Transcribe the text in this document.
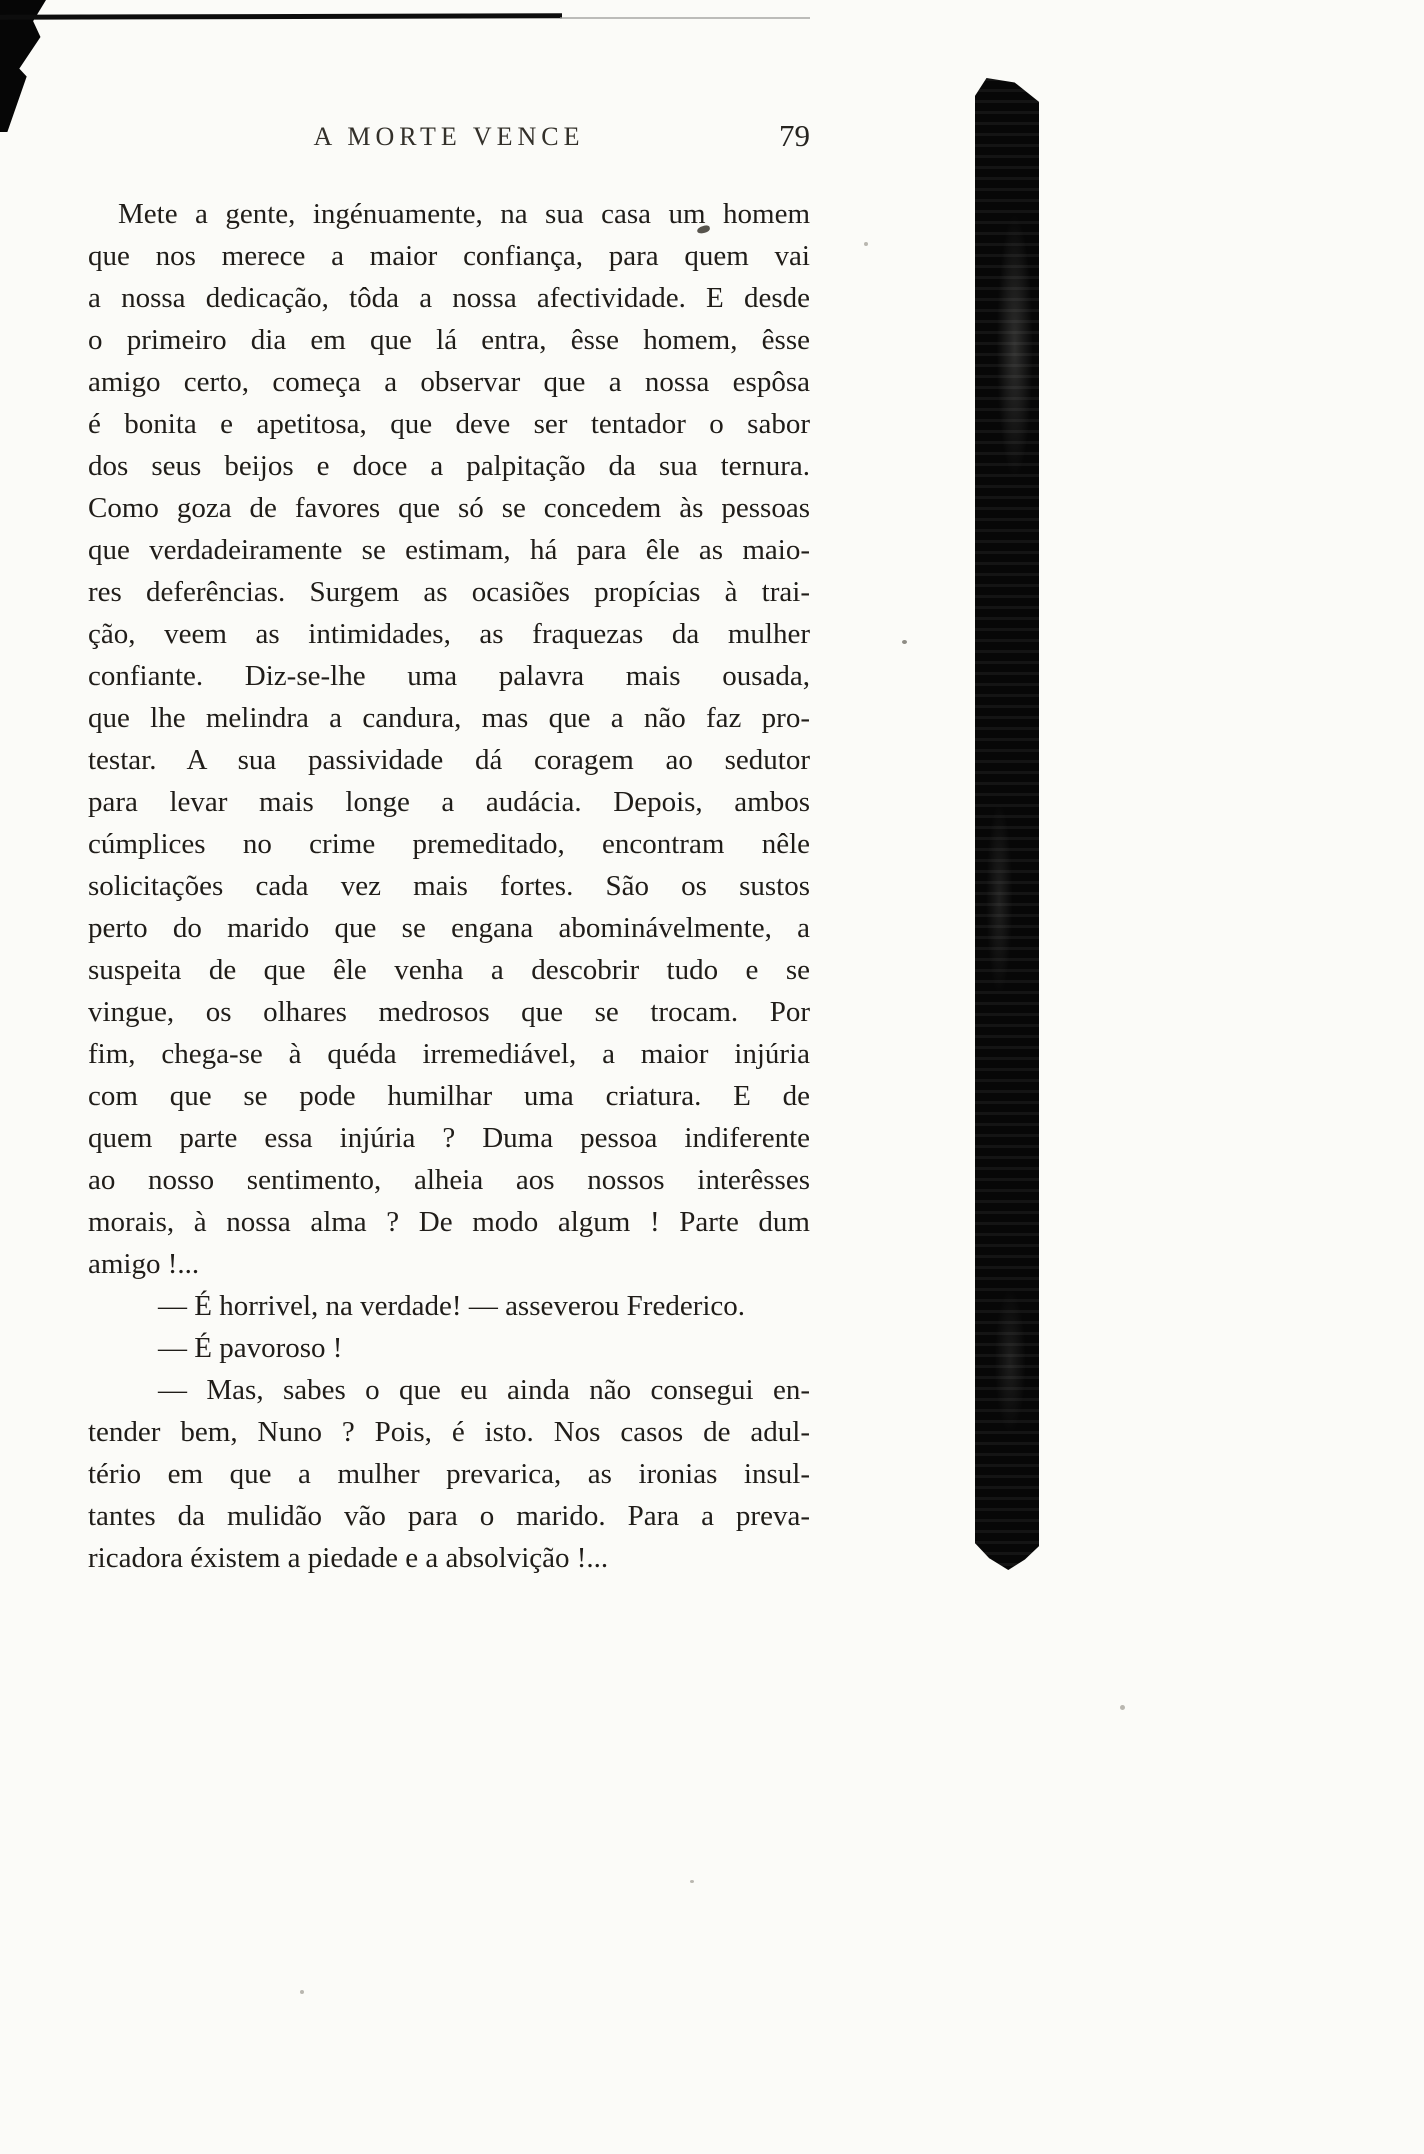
A MORTE VENCE	79
Mete a gente, ingénuamente, na sua casa um homem
que nos merece a maior confiança, para quem vai
a nossa dedicação, tôda a nossa afectividade. E desde
o primeiro dia em que lá entra, êsse homem, êsse
amigo certo, começa a observar que a nossa espôsa
é bonita e apetitosa, que deve ser tentador o sabor
dos seus beijos e doce a palpitação da sua ternura.
Como goza de favores que só se concedem às pessoas
que verdadeiramente se estimam, há para êle as maio-
res deferências. Surgem as ocasiões propícias à trai-
ção, veem as intimidades, as fraquezas da mulher
confiante. Diz-se-lhe uma palavra mais ousada,
que lhe melindra a candura, mas que a não faz pro-
testar. A sua passividade dá coragem ao sedutor
para levar mais longe a audácia. Depois, ambos
cúmplices no crime premeditado, encontram nêle
solicitações cada vez mais fortes. São os sustos
perto do marido que se engana abominávelmente, a
suspeita de que êle venha a descobrir tudo e se
vingue, os olhares medrosos que se trocam. Por
fim, chega-se à quéda irremediável, a maior injúria
com que se pode humilhar uma criatura. E de
quem parte essa injúria ? Duma pessoa indiferente
ao nosso sentimento, alheia aos nossos interêsses
morais, à nossa alma ? De modo algum ! Parte dum
amigo !...
— É horrivel, na verdade! — asseverou Frederico.
— É pavoroso !
— Mas, sabes o que eu ainda não consegui en-
tender bem, Nuno ? Pois, é isto. Nos casos de adul-
tério em que a mulher prevarica, as ironias insul-
tantes da mulidão vão para o marido. Para a preva-
ricadora éxistem a piedade e a absolvição !...
